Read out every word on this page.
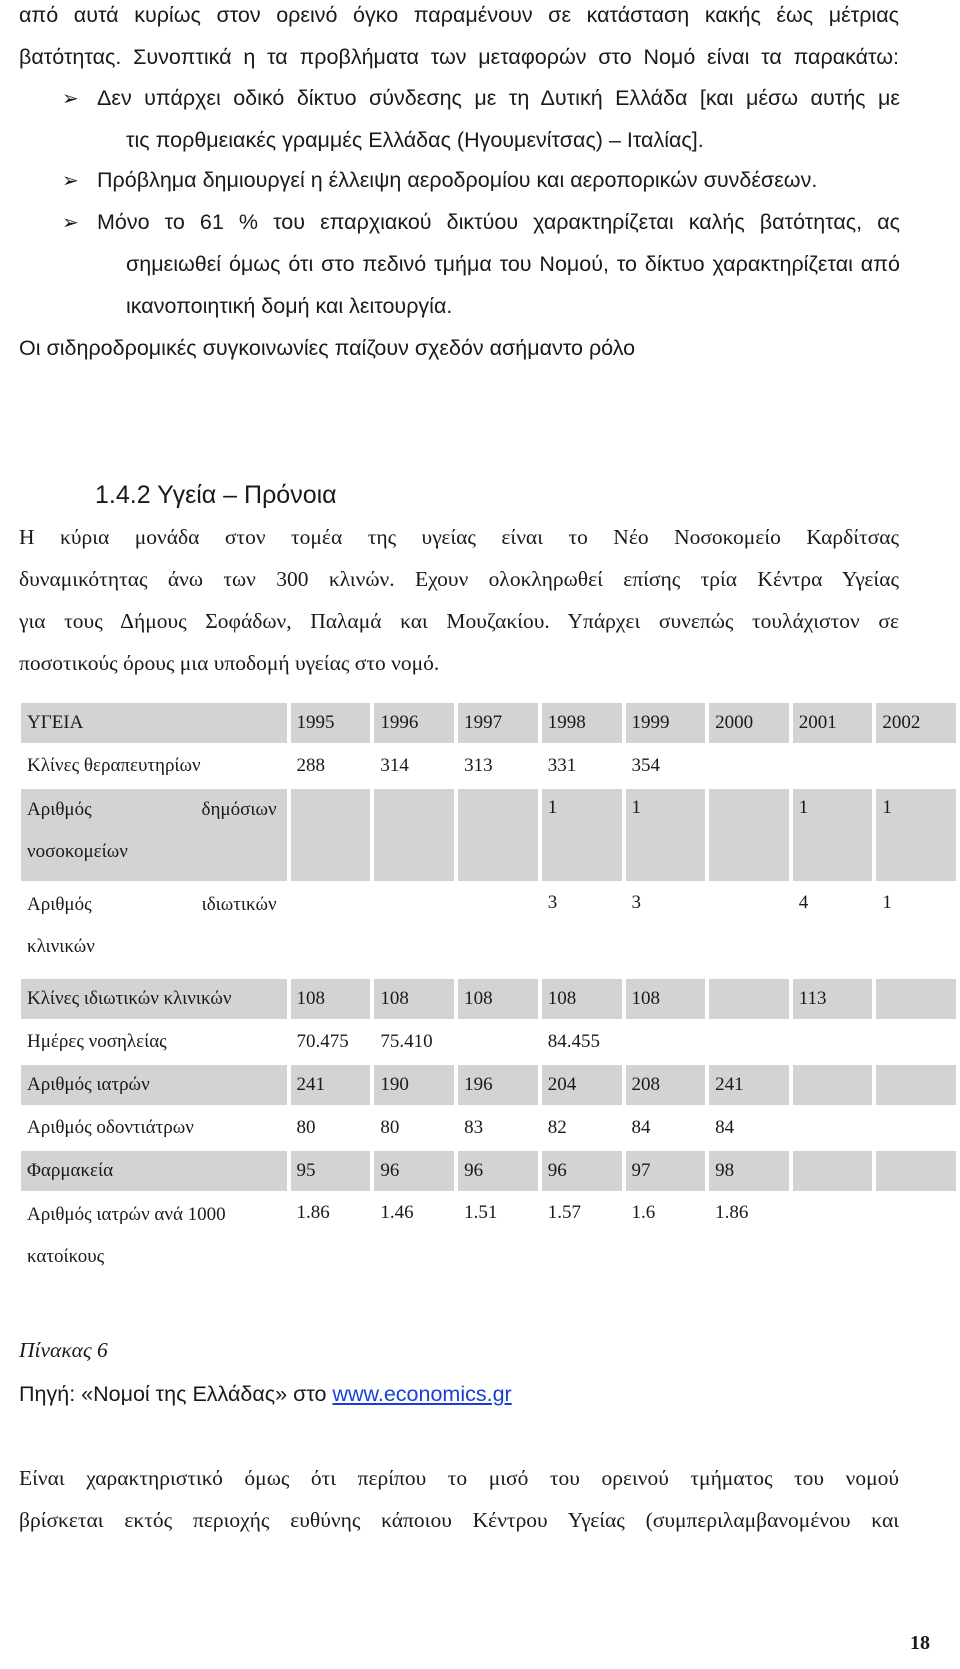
από αυτά κυρίως στον ορεινό όγκο παραμένουν σε κατάσταση κακής έως μέτριας
βατότητας. Συνοπτικά η τα προβλήματα των μεταφορών στο Νομό είναι τα παρακάτω:
➢ Δεν υπάρχει οδικό δίκτυο σύνδεσης με τη Δυτική Ελλάδα [και μέσω αυτής με
τις πορθμειακές γραμμές Ελλάδας (Ηγουμενίτσας) – Ιταλίας].
➢ Πρόβλημα δημιουργεί η έλλειψη αεροδρομίου και αεροπορικών συνδέσεων.
➢ Μόνο το 61 % του επαρχιακού δικτύου χαρακτηρίζεται καλής βατότητας, ας
σημειωθεί όμως ότι στο πεδινό τμήμα του Νομού, το δίκτυο χαρακτηρίζεται από
ικανοποιητική δομή και λειτουργία.
Οι σιδηροδρομικές συγκοινωνίες παίζουν σχεδόν ασήμαντο ρόλο
1.4.2 Υγεία – Πρόνοια
Η κύρια μονάδα στον τομέα της υγείας είναι το Νέο Νοσοκομείο Καρδίτσας
δυναμικότητας άνω των 300 κλινών. Εχουν ολοκληρωθεί επίσης τρία Κέντρα Υγείας
για τους Δήμους Σοφάδων, Παλαμά και Μουζακίου. Υπάρχει συνεπώς τουλάχιστον σε
ποσοτικούς όρους μια υποδομή υγείας στο νομό.
ΥΓΕΙΑ	1995	1996	1997	1998	1999	2000	2001	2002
Κλίνες θεραπευτηρίων	288	314	313	331	354			

Αριθμός δημόσιων
νοσοκομείων				1	1		1	1

Αριθμός ιδιωτικών
κλινικών				3	3		4	1
Κλίνες ιδιωτικών κλινικών	108	108	108	108	108		113	
Ημέρες νοσηλείας	70.475	75.410		84.455				
Αριθμός ιατρών	241	190	196	204	208	241		
Αριθμός οδοντιάτρων	80	80	83	82	84	84		
Φαρμακεία	95	96	96	96	97	98		

Αριθμός ιατρών ανά 1000
κατοίκους	1.86	1.46	1.51	1.57	1.6	1.86		
Πίνακας 6
Πηγή: «Νομοί της Ελλάδας» στο www.economics.gr
Είναι χαρακτηριστικό όμως ότι περίπου το μισό του ορεινού τμήματος του νομού
βρίσκεται εκτός περιοχής ευθύνης κάποιου Κέντρου Υγείας (συμπεριλαμβανομένου και
18
